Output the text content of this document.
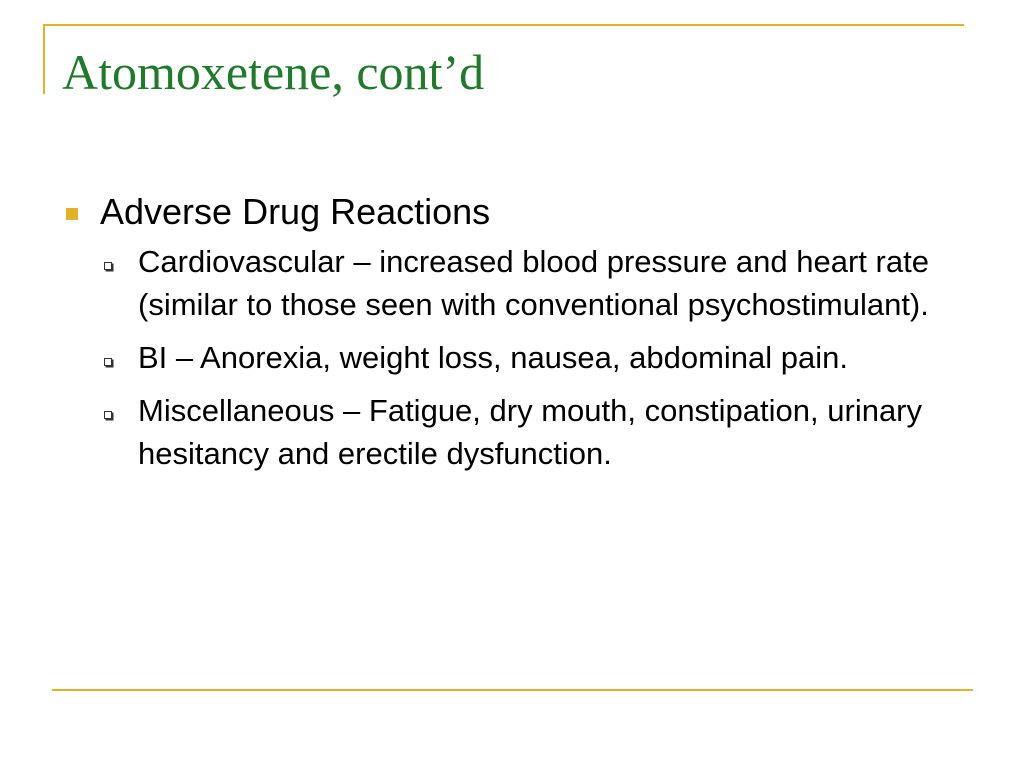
Atomoxetene, cont’d
Adverse Drug Reactions
Cardiovascular – increased blood pressure and heart rate (similar to those seen with conventional psychostimulant).
BI – Anorexia, weight loss, nausea, abdominal pain.
Miscellaneous – Fatigue, dry mouth, constipation, urinary hesitancy and erectile dysfunction.
